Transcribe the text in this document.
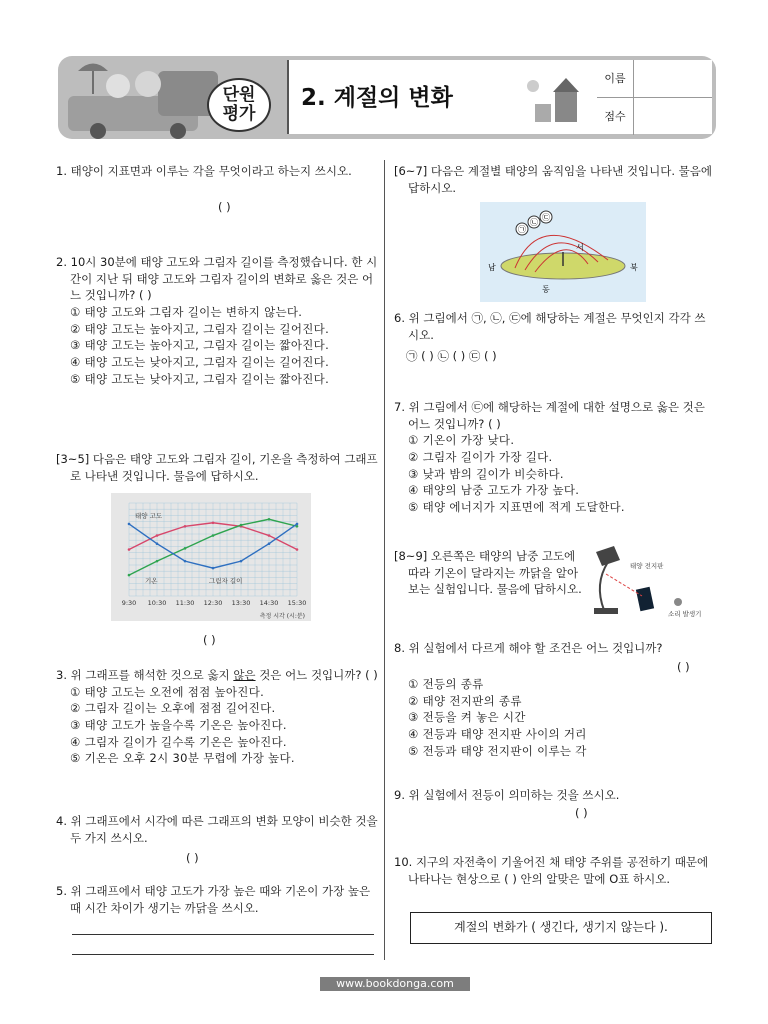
단원
평가
2. 계절의 변화
이름
점수
1. 태양이 지표면과 이루는 각을 무엇이라고 하는지 쓰시오.
( )
2. 10시 30분에 태양 고도와 그림자 길이를 측정했습니다. 한 시간이 지난 뒤 태양 고도와 그림자 길이의 변화로 옳은 것은 어느 것입니까? ( )
① 태양 고도와 그림자 길이는 변하지 않는다.
② 태양 고도는 높아지고, 그림자 길이는 길어진다.
③ 태양 고도는 높아지고, 그림자 길이는 짧아진다.
④ 태양 고도는 낮아지고, 그림자 길이는 길어진다.
⑤ 태양 고도는 낮아지고, 그림자 길이는 짧아진다.
[3~5] 다음은 태양 고도와 그림자 길이, 기온을 측정하여 그래프로 나타낸 것입니다. 물음에 답하시오.
9:30 10:30 11:30 12:30 13:30 14:30 15:30
측정 시각 (시:분)
태양 고도
기온	그림자 길이
( )
3. 위 그래프를 해석한 것으로 옳지 않은 것은 어느 것입니까? ( )
① 태양 고도는 오전에 점점 높아진다.
② 그림자 길이는 오후에 점점 길어진다.
③ 태양 고도가 높을수록 기온은 높아진다.
④ 그림자 길이가 길수록 기온은 높아진다.
⑤ 기온은 오후 2시 30분 무렵에 가장 높다.
4. 위 그래프에서 시각에 따른 그래프의 변화 모양이 비슷한 것을 두 가지 쓰시오.
( )
5. 위 그래프에서 태양 고도가 가장 높은 때와 기온이 가장 높은 때 시간 차이가 생기는 까닭을 쓰시오.
[6~7] 다음은 계절별 태양의 움직임을 나타낸 것입니다. 물음에 답하시오.
㉠
㉡
㉢
남	북
서
동
6. 위 그림에서 ㉠, ㉡, ㉢에 해당하는 계절은 무엇인지 각각 쓰시오.
㉠ ( ) ㉡ ( ) ㉢ ( )
7. 위 그림에서 ㉢에 해당하는 계절에 대한 설명으로 옳은 것은 어느 것입니까? ( )
① 기온이 가장 낮다.
② 그림자 길이가 가장 길다.
③ 낮과 밤의 길이가 비슷하다.
④ 태양의 남중 고도가 가장 높다.
⑤ 태양 에너지가 지표면에 적게 도달한다.
[8~9] 오른쪽은 태양의 남중 고도에 따라 기온이 달라지는 까닭을 알아보는 실험입니다. 물음에 답하시오.
태양 전지판
소리 발생기
8. 위 실험에서 다르게 해야 할 조건은 어느 것입니까?
( )
① 전등의 종류
② 태양 전지판의 종류
③ 전등을 켜 놓은 시간
④ 전등과 태양 전지판 사이의 거리
⑤ 전등과 태양 전지판이 이루는 각
9. 위 실험에서 전등이 의미하는 것을 쓰시오.
( )
10. 지구의 자전축이 기울어진 채 태양 주위를 공전하기 때문에 나타나는 현상으로 ( ) 안의 알맞은 말에 O표 하시오.
계절의 변화가 ( 생긴다, 생기지 않는다 ).
www.bookdonga.com
